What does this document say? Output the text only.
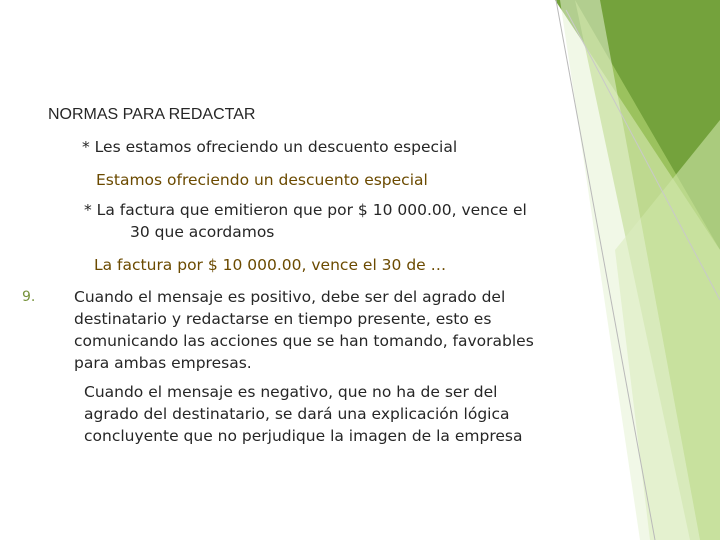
NORMAS PARA REDACTAR
* Les estamos ofreciendo un descuento especial
Estamos ofreciendo un descuento especial
* La factura que emitieron que por $ 10 000.00, vence el
30 que acordamos
La factura por $ 10 000.00, vence el 30 de …
9. Cuando el mensaje es positivo, debe ser del agrado del
destinatario y redactarse en tiempo presente, esto es
comunicando las acciones que se han tomando, favorables
para ambas empresas.
Cuando el mensaje es negativo, que no ha de ser del
agrado del destinatario, se dará una explicación lógica
concluyente que no perjudique la imagen de la empresa
